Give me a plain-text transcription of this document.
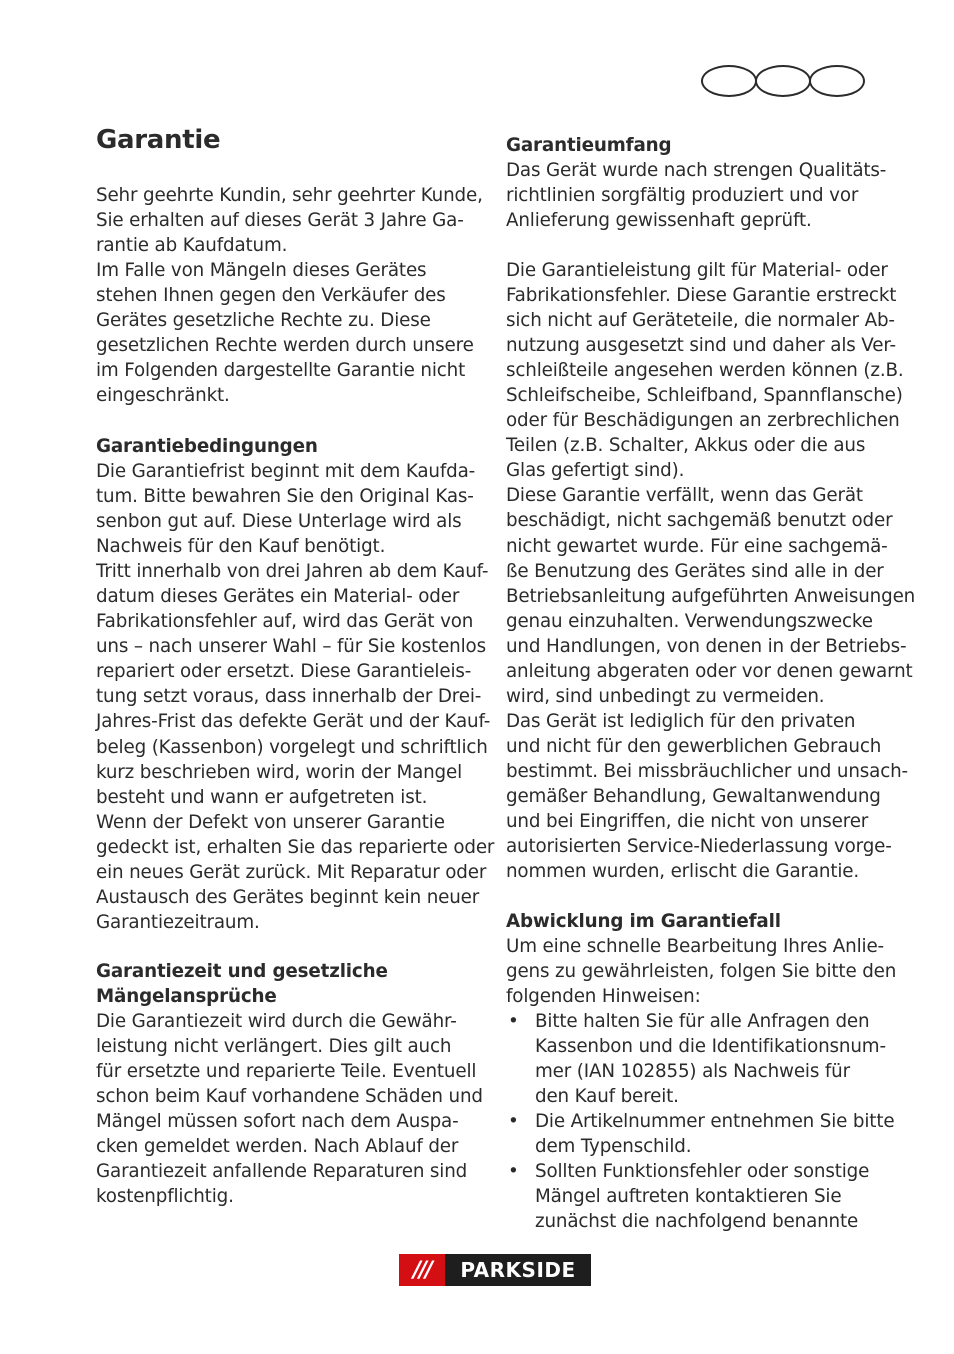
Garantie
Sehr geehrte Kundin, sehr geehrter Kunde,
Sie erhalten auf dieses Gerät 3 Jahre Ga-
rantie ab Kaufdatum.
Im Falle von Mängeln dieses Gerätes
stehen Ihnen gegen den Verkäufer des
Gerätes gesetzliche Rechte zu. Diese
gesetzlichen Rechte werden durch unsere
im Folgenden dargestellte Garantie nicht
eingeschränkt.
Garantiebedingungen
Die Garantiefrist beginnt mit dem Kaufda-
tum. Bitte bewahren Sie den Original Kas-
senbon gut auf. Diese Unterlage wird als
Nachweis für den Kauf benötigt.
Tritt innerhalb von drei Jahren ab dem Kauf-
datum dieses Gerätes ein Material- oder
Fabrikationsfehler auf, wird das Gerät von
uns – nach unserer Wahl – für Sie kostenlos
repariert oder ersetzt. Diese Garantieleis-
tung setzt voraus, dass innerhalb der Drei-
Jahres-Frist das defekte Gerät und der Kauf-
beleg (Kassenbon) vorgelegt und schriftlich
kurz beschrieben wird, worin der Mangel
besteht und wann er aufgetreten ist.
Wenn der Defekt von unserer Garantie
gedeckt ist, erhalten Sie das reparierte oder
ein neues Gerät zurück. Mit Reparatur oder
Austausch des Gerätes beginnt kein neuer
Garantiezeitraum.
Garantiezeit und gesetzliche
Mängelansprüche
Die Garantiezeit wird durch die Gewähr-
leistung nicht verlängert. Dies gilt auch
für ersetzte und reparierte Teile. Eventuell
schon beim Kauf vorhandene Schäden und
Mängel müssen sofort nach dem Auspa-
cken gemeldet werden. Nach Ablauf der
Garantiezeit anfallende Reparaturen sind
kostenpflichtig.
Garantieumfang
Das Gerät wurde nach strengen Qualitäts-
richtlinien sorgfältig produziert und vor
Anlieferung gewissenhaft geprüft.
Die Garantieleistung gilt für Material- oder
Fabrikationsfehler. Diese Garantie erstreckt
sich nicht auf Geräteteile, die normaler Ab-
nutzung ausgesetzt sind und daher als Ver-
schleißteile angesehen werden können (z.B.
Schleifscheibe, Schleifband, Spannflansche)
oder für Beschädigungen an zerbrechlichen
Teilen (z.B. Schalter, Akkus oder die aus
Glas gefertigt sind).
Diese Garantie verfällt, wenn das Gerät
beschädigt, nicht sachgemäß benutzt oder
nicht gewartet wurde. Für eine sachgemä-
ße Benutzung des Gerätes sind alle in der
Betriebsanleitung aufgeführten Anweisungen
genau einzuhalten. Verwendungszwecke
und Handlungen, von denen in der Betriebs-
anleitung abgeraten oder vor denen gewarnt
wird, sind unbedingt zu vermeiden.
Das Gerät ist lediglich für den privaten
und nicht für den gewerblichen Gebrauch
bestimmt. Bei missbräuchlicher und unsach-
gemäßer Behandlung, Gewaltanwendung
und bei Eingriffen, die nicht von unserer
autorisierten Service-Niederlassung vorge-
nommen wurden, erlischt die Garantie.
Abwicklung im Garantiefall
Um eine schnelle Bearbeitung Ihres Anlie-
gens zu gewährleisten, folgen Sie bitte den
folgenden Hinweisen:
• Bitte halten Sie für alle Anfragen den
Kassenbon und die Identifikationsnum-
mer (IAN 102855) als Nachweis für
den Kauf bereit.
• Die Artikelnummer entnehmen Sie bitte
dem Typenschild.
• Sollten Funktionsfehler oder sonstige
Mängel auftreten kontaktieren Sie
zunächst die nachfolgend benannte
///	PARKSIDE
